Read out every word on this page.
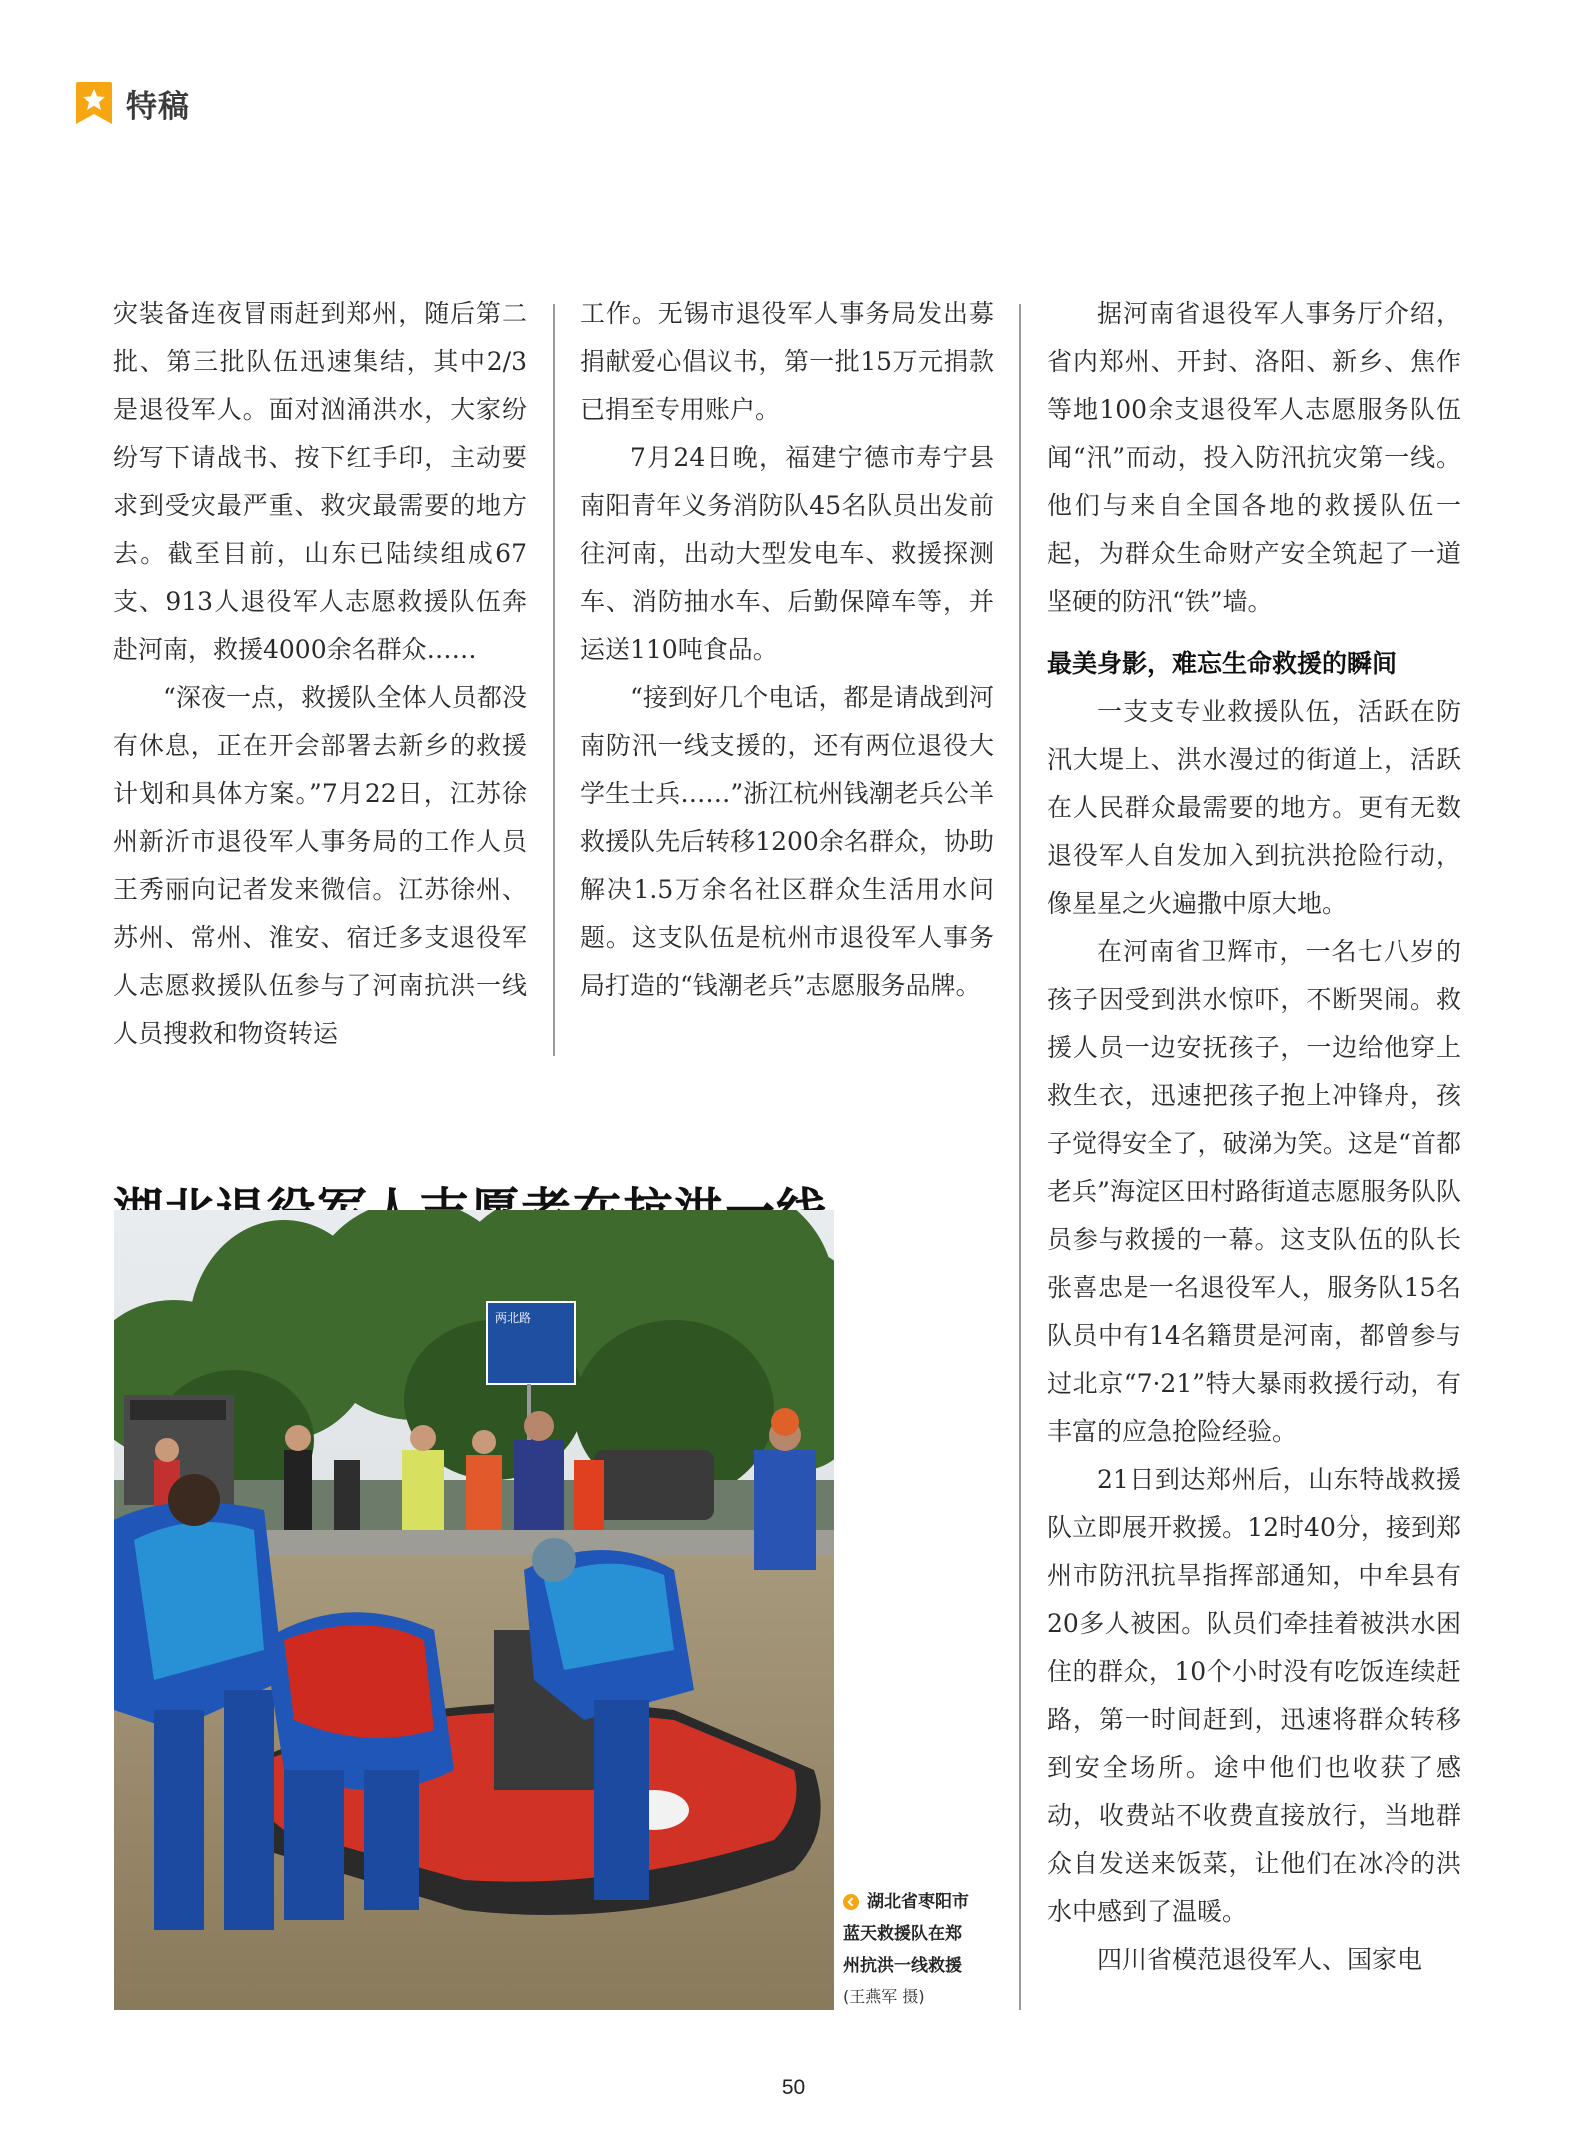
特稿

灾装备连夜冒雨赶到郑州，随后第二批、第三批队伍迅速集结，其中2/3是退役军人。面对汹涌洪水，大家纷纷写下请战书、按下红手印，主动要求到受灾最严重、救灾最需要的地方去。截至目前，山东已陆续组成67支、913人退役军人志愿救援队伍奔赴河南，救援4000余名群众……

“深夜一点，救援队全体人员都没有休息，正在开会部署去新乡的救援计划和具体方案。”7月22日，江苏徐州新沂市退役军人事务局的工作人员王秀丽向记者发来微信。江苏徐州、苏州、常州、淮安、宿迁多支退役军人志愿救援队伍参与了河南抗洪一线人员搜救和物资转运

工作。无锡市退役军人事务局发出募捐献爱心倡议书，第一批15万元捐款已捐至专用账户。

7月24日晚，福建宁德市寿宁县南阳青年义务消防队45名队员出发前往河南，出动大型发电车、救援探测车、消防抽水车、后勤保障车等，并运送110吨食品。

“接到好几个电话，都是请战到河南防汛一线支援的，还有两位退役大学生士兵……”浙江杭州钱潮老兵公羊救援队先后转移1200余名群众，协助解决1.5万余名社区群众生活用水问题。这支队伍是杭州市退役军人事务局打造的“钱潮老兵”志愿服务品牌。

据河南省退役军人事务厅介绍，省内郑州、开封、洛阳、新乡、焦作等地100余支退役军人志愿服务队伍闻“汛”而动，投入防汛抗灾第一线。他们与来自全国各地的救援队伍一起，为群众生命财产安全筑起了一道坚硬的防汛“铁”墙。

最美身影，难忘生命救援的瞬间

一支支专业救援队伍，活跃在防汛大堤上、洪水漫过的街道上，活跃在人民群众最需要的地方。更有无数退役军人自发加入到抗洪抢险行动，像星星之火遍撒中原大地。

在河南省卫辉市，一名七八岁的孩子因受到洪水惊吓，不断哭闹。救援人员一边安抚孩子，一边给他穿上救生衣，迅速把孩子抱上冲锋舟，孩子觉得安全了，破涕为笑。这是“首都老兵”海淀区田村路街道志愿服务队队员参与救援的一幕。这支队伍的队长张喜忠是一名退役军人，服务队15名队员中有14名籍贯是河南，都曾参与过北京“7·21”特大暴雨救援行动，有丰富的应急抢险经验。

21日到达郑州后，山东特战救援队立即展开救援。12时40分，接到郑州市防汛抗旱指挥部通知，中牟县有20多人被困。队员们牵挂着被洪水困住的群众，10个小时没有吃饭连续赶路，第一时间赶到，迅速将群众转移到安全场所。途中他们也收获了感动，收费站不收费直接放行，当地群众自发送来饭菜，让他们在冰冷的洪水中感到了温暖。

四川省模范退役军人、国家电

两北路
湖北省枣阳市
蓝天救援队在郑
州抗洪一线救援
(王燕军 摄)
50
